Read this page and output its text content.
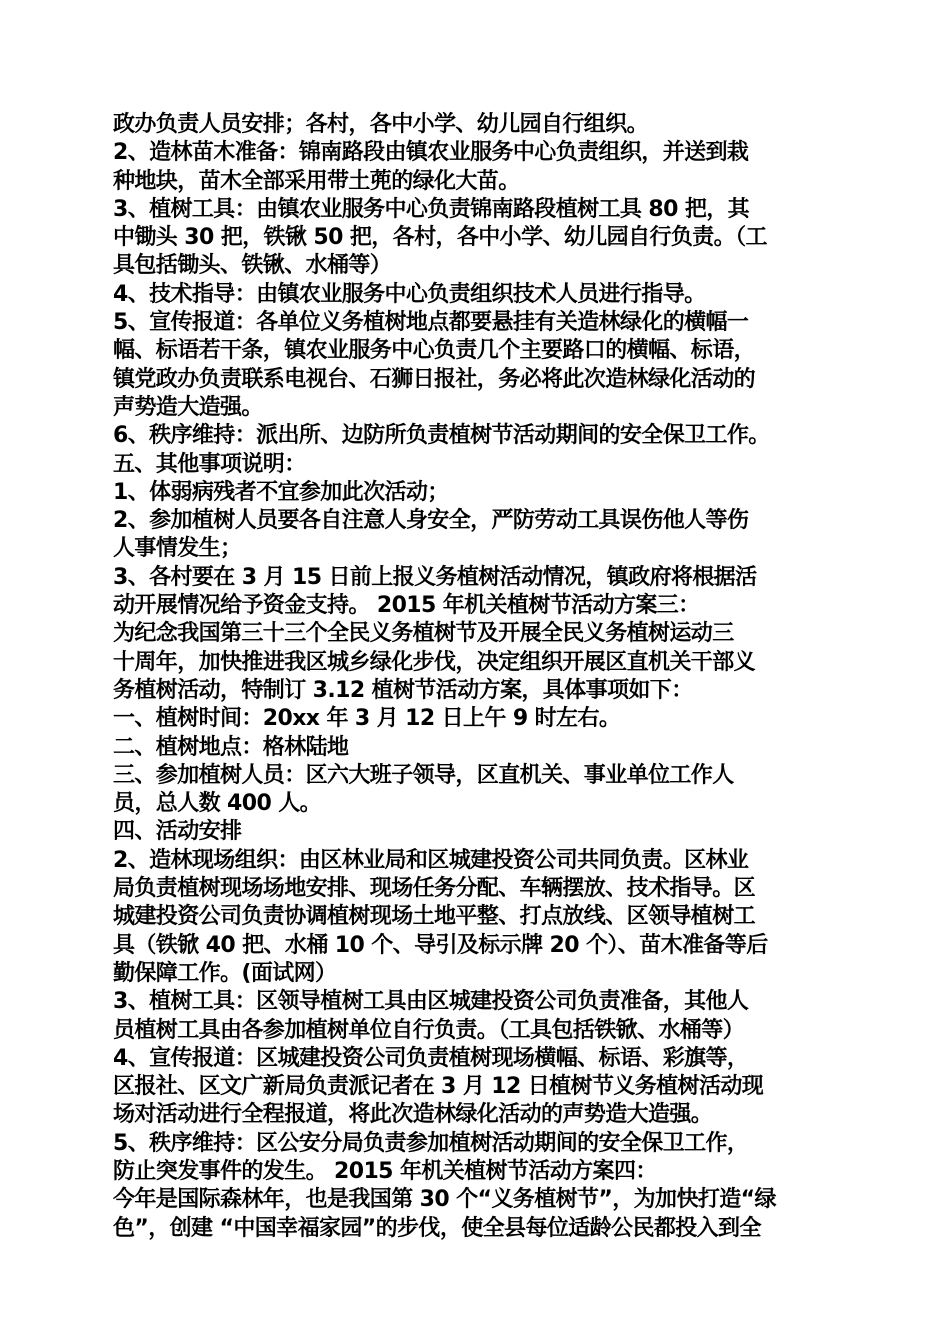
政办负责人员安排；各村，各中小学、幼儿园自行组织。
2、造林苗木准备：锦南路段由镇农业服务中心负责组织，并送到栽
种地块，苗木全部采用带土蔸的绿化大苗。
3、植树工具：由镇农业服务中心负责锦南路段植树工具 80 把，其
中锄头 30 把，铁锹 50 把，各村，各中小学、幼儿园自行负责。（工
具包括锄头、铁锹、水桶等）
4、技术指导：由镇农业服务中心负责组织技术人员进行指导。
5、宣传报道：各单位义务植树地点都要悬挂有关造林绿化的横幅一
幅、标语若干条，镇农业服务中心负责几个主要路口的横幅、标语，
镇党政办负责联系电视台、石狮日报社，务必将此次造林绿化活动的
声势造大造强。
6、秩序维持：派出所、边防所负责植树节活动期间的安全保卫工作。
五、其他事项说明：
1、体弱病残者不宜参加此次活动；
2、参加植树人员要各自注意人身安全，严防劳动工具误伤他人等伤
人事情发生；
3、各村要在 3 月 15 日前上报义务植树活动情况，镇政府将根据活
动开展情况给予资金支持。 2015 年机关植树节活动方案三：
为纪念我国第三十三个全民义务植树节及开展全民义务植树运动三
十周年，加快推进我区城乡绿化步伐，决定组织开展区直机关干部义
务植树活动，特制订 3.12 植树节活动方案，具体事项如下：
一、植树时间：20xx 年 3 月 12 日上午 9 时左右。
二、植树地点：格林陆地
三、参加植树人员：区六大班子领导，区直机关、事业单位工作人
员，总人数 400 人。
四、活动安排
2、造林现场组织：由区林业局和区城建投资公司共同负责。区林业
局负责植树现场场地安排、现场任务分配、车辆摆放、技术指导。区
城建投资公司负责协调植树现场土地平整、打点放线、区领导植树工
具（铁锨 40 把、水桶 10 个、导引及标示牌 20 个）、苗木准备等后
勤保障工作。(面试网）
3、植树工具：区领导植树工具由区城建投资公司负责准备，其他人
员植树工具由各参加植树单位自行负责。（工具包括铁锨、水桶等）
4、宣传报道：区城建投资公司负责植树现场横幅、标语、彩旗等，
区报社、区文广新局负责派记者在 3 月 12 日植树节义务植树活动现
场对活动进行全程报道，将此次造林绿化活动的声势造大造强。
5、秩序维持：区公安分局负责参加植树活动期间的安全保卫工作，
防止突发事件的发生。 2015 年机关植树节活动方案四：
今年是国际森林年，也是我国第 30 个“义务植树节”，为加快打造“绿
色”，创建 “中国幸福家园”的步伐，使全县每位适龄公民都投入到全
